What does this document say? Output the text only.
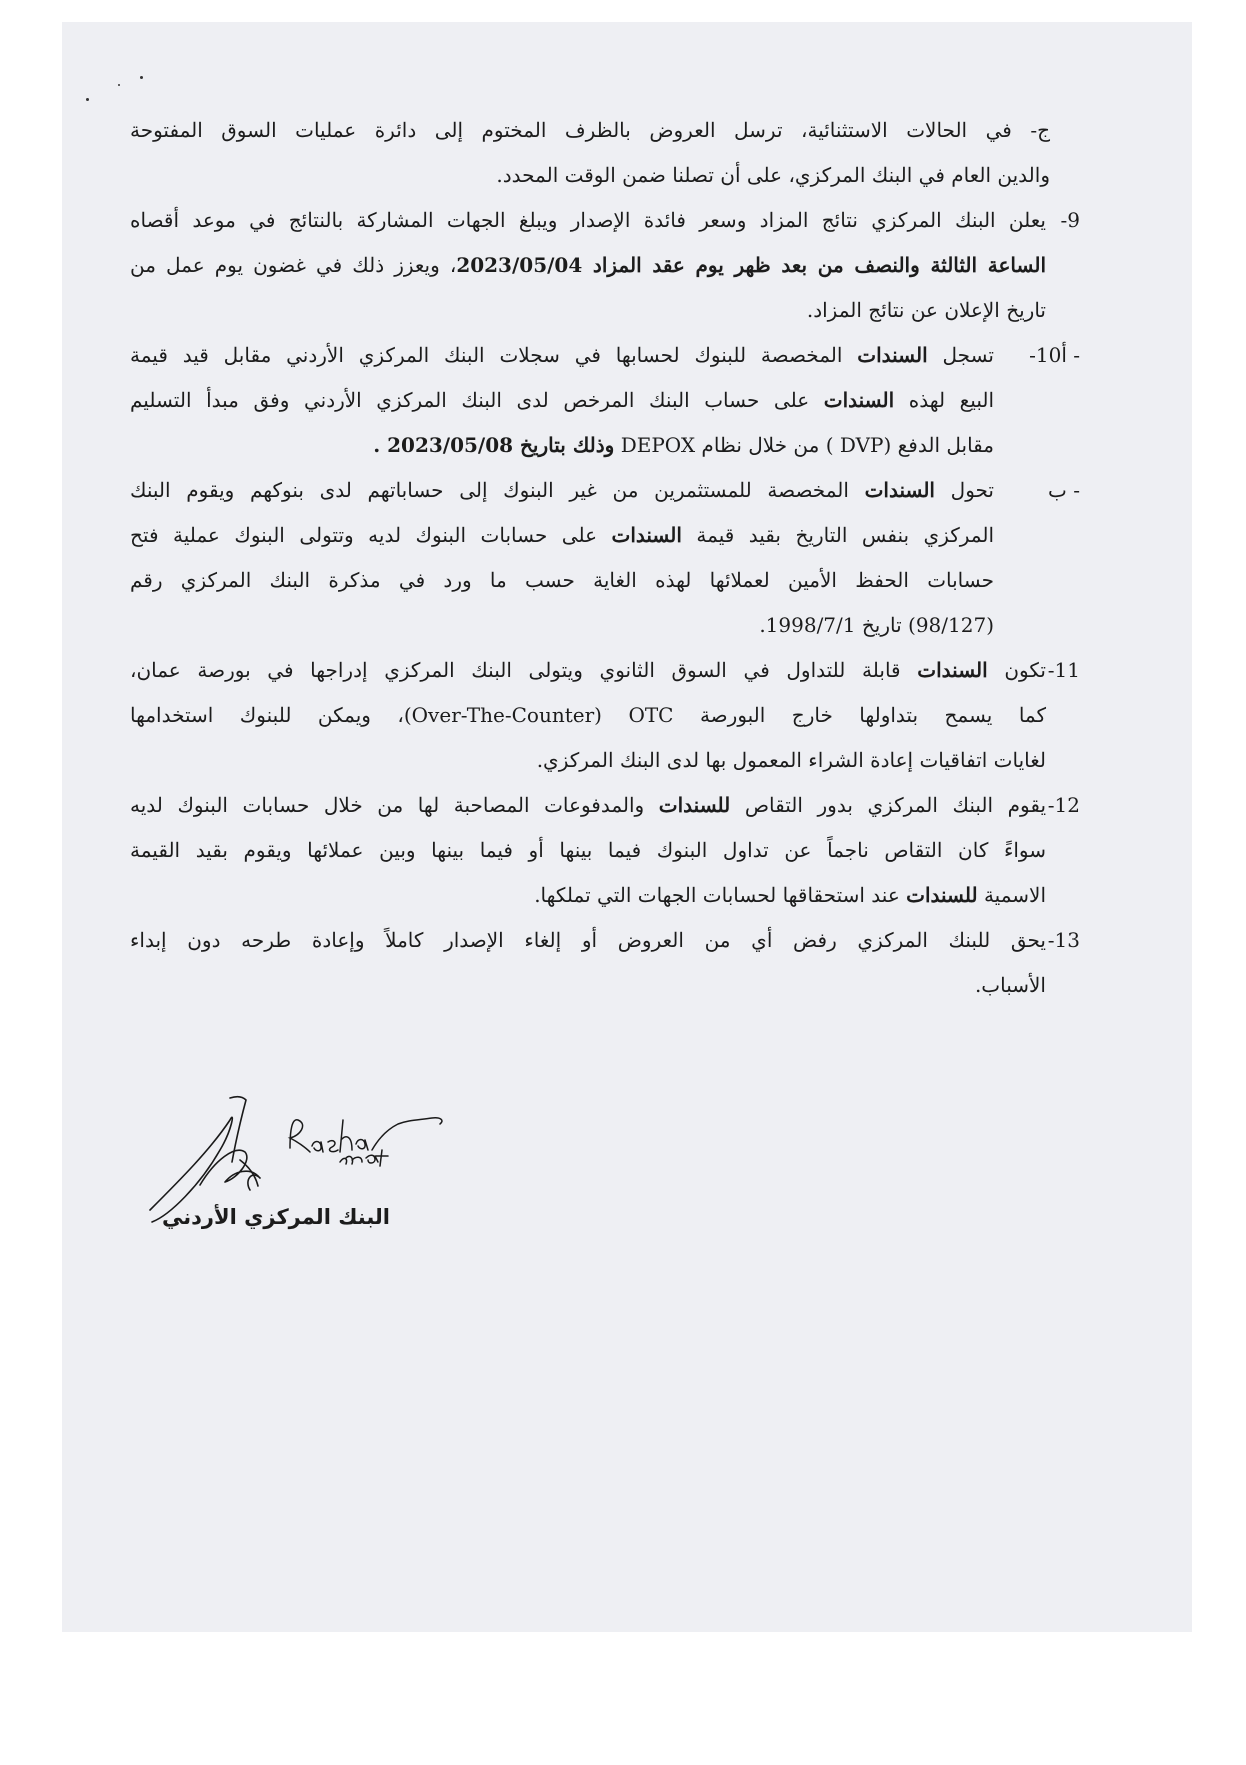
ج- في الحالات الاستثنائية، ترسل العروض بالظرف المختوم إلى دائرة عمليات السوق المفتوحة
والدين العام في البنك المركزي، على أن تصلنا ضمن الوقت المحدد.
-9
يعلن البنك المركزي نتائج المزاد وسعر فائدة الإصدار ويبلغ الجهات المشاركة بالنتائج في موعد أقصاه
الساعة الثالثة والنصف من بعد ظهر يوم عقد المزاد 2023/05/04، ويعزز ذلك في غضون يوم عمل من
تاريخ الإعلان عن نتائج المزاد.
-10أ -
تسجل السندات المخصصة للبنوك لحسابها في سجلات البنك المركزي الأردني مقابل قيد قيمة
البيع لهذه السندات على حساب البنك المرخص لدى البنك المركزي الأردني وفق مبدأ التسليم
مقابل الدفع (DVP ) من خلال نظام DEPOX وذلك بتاريخ 2023/05/08 .
ب -
تحول السندات المخصصة للمستثمرين من غير البنوك إلى حساباتهم لدى بنوكهم ويقوم البنك
المركزي بنفس التاريخ بقيد قيمة السندات على حسابات البنوك لديه وتتولى البنوك عملية فتح
حسابات الحفظ الأمين لعملائها لهذه الغاية حسب ما ورد في مذكرة البنك المركزي رقم
(98/127) تاريخ 1998/7/1.
-11
تكون السندات قابلة للتداول في السوق الثانوي ويتولى البنك المركزي إدراجها في بورصة عمان،
كما يسمح بتداولها خارج البورصة OTC (Over-The-Counter)، ويمكن للبنوك استخدامها
لغايات اتفاقيات إعادة الشراء المعمول بها لدى البنك المركزي.
-12
يقوم البنك المركزي بدور التقاص للسندات والمدفوعات المصاحبة لها من خلال حسابات البنوك لديه
سواءً كان التقاص ناجماً عن تداول البنوك فيما بينها أو فيما بينها وبين عملائها ويقوم بقيد القيمة
الاسمية للسندات عند استحقاقها لحسابات الجهات التي تملكها.
-13
يحق للبنك المركزي رفض أي من العروض أو إلغاء الإصدار كاملاً وإعادة طرحه دون إبداء
الأسباب.
البنك المركزي الأردني
